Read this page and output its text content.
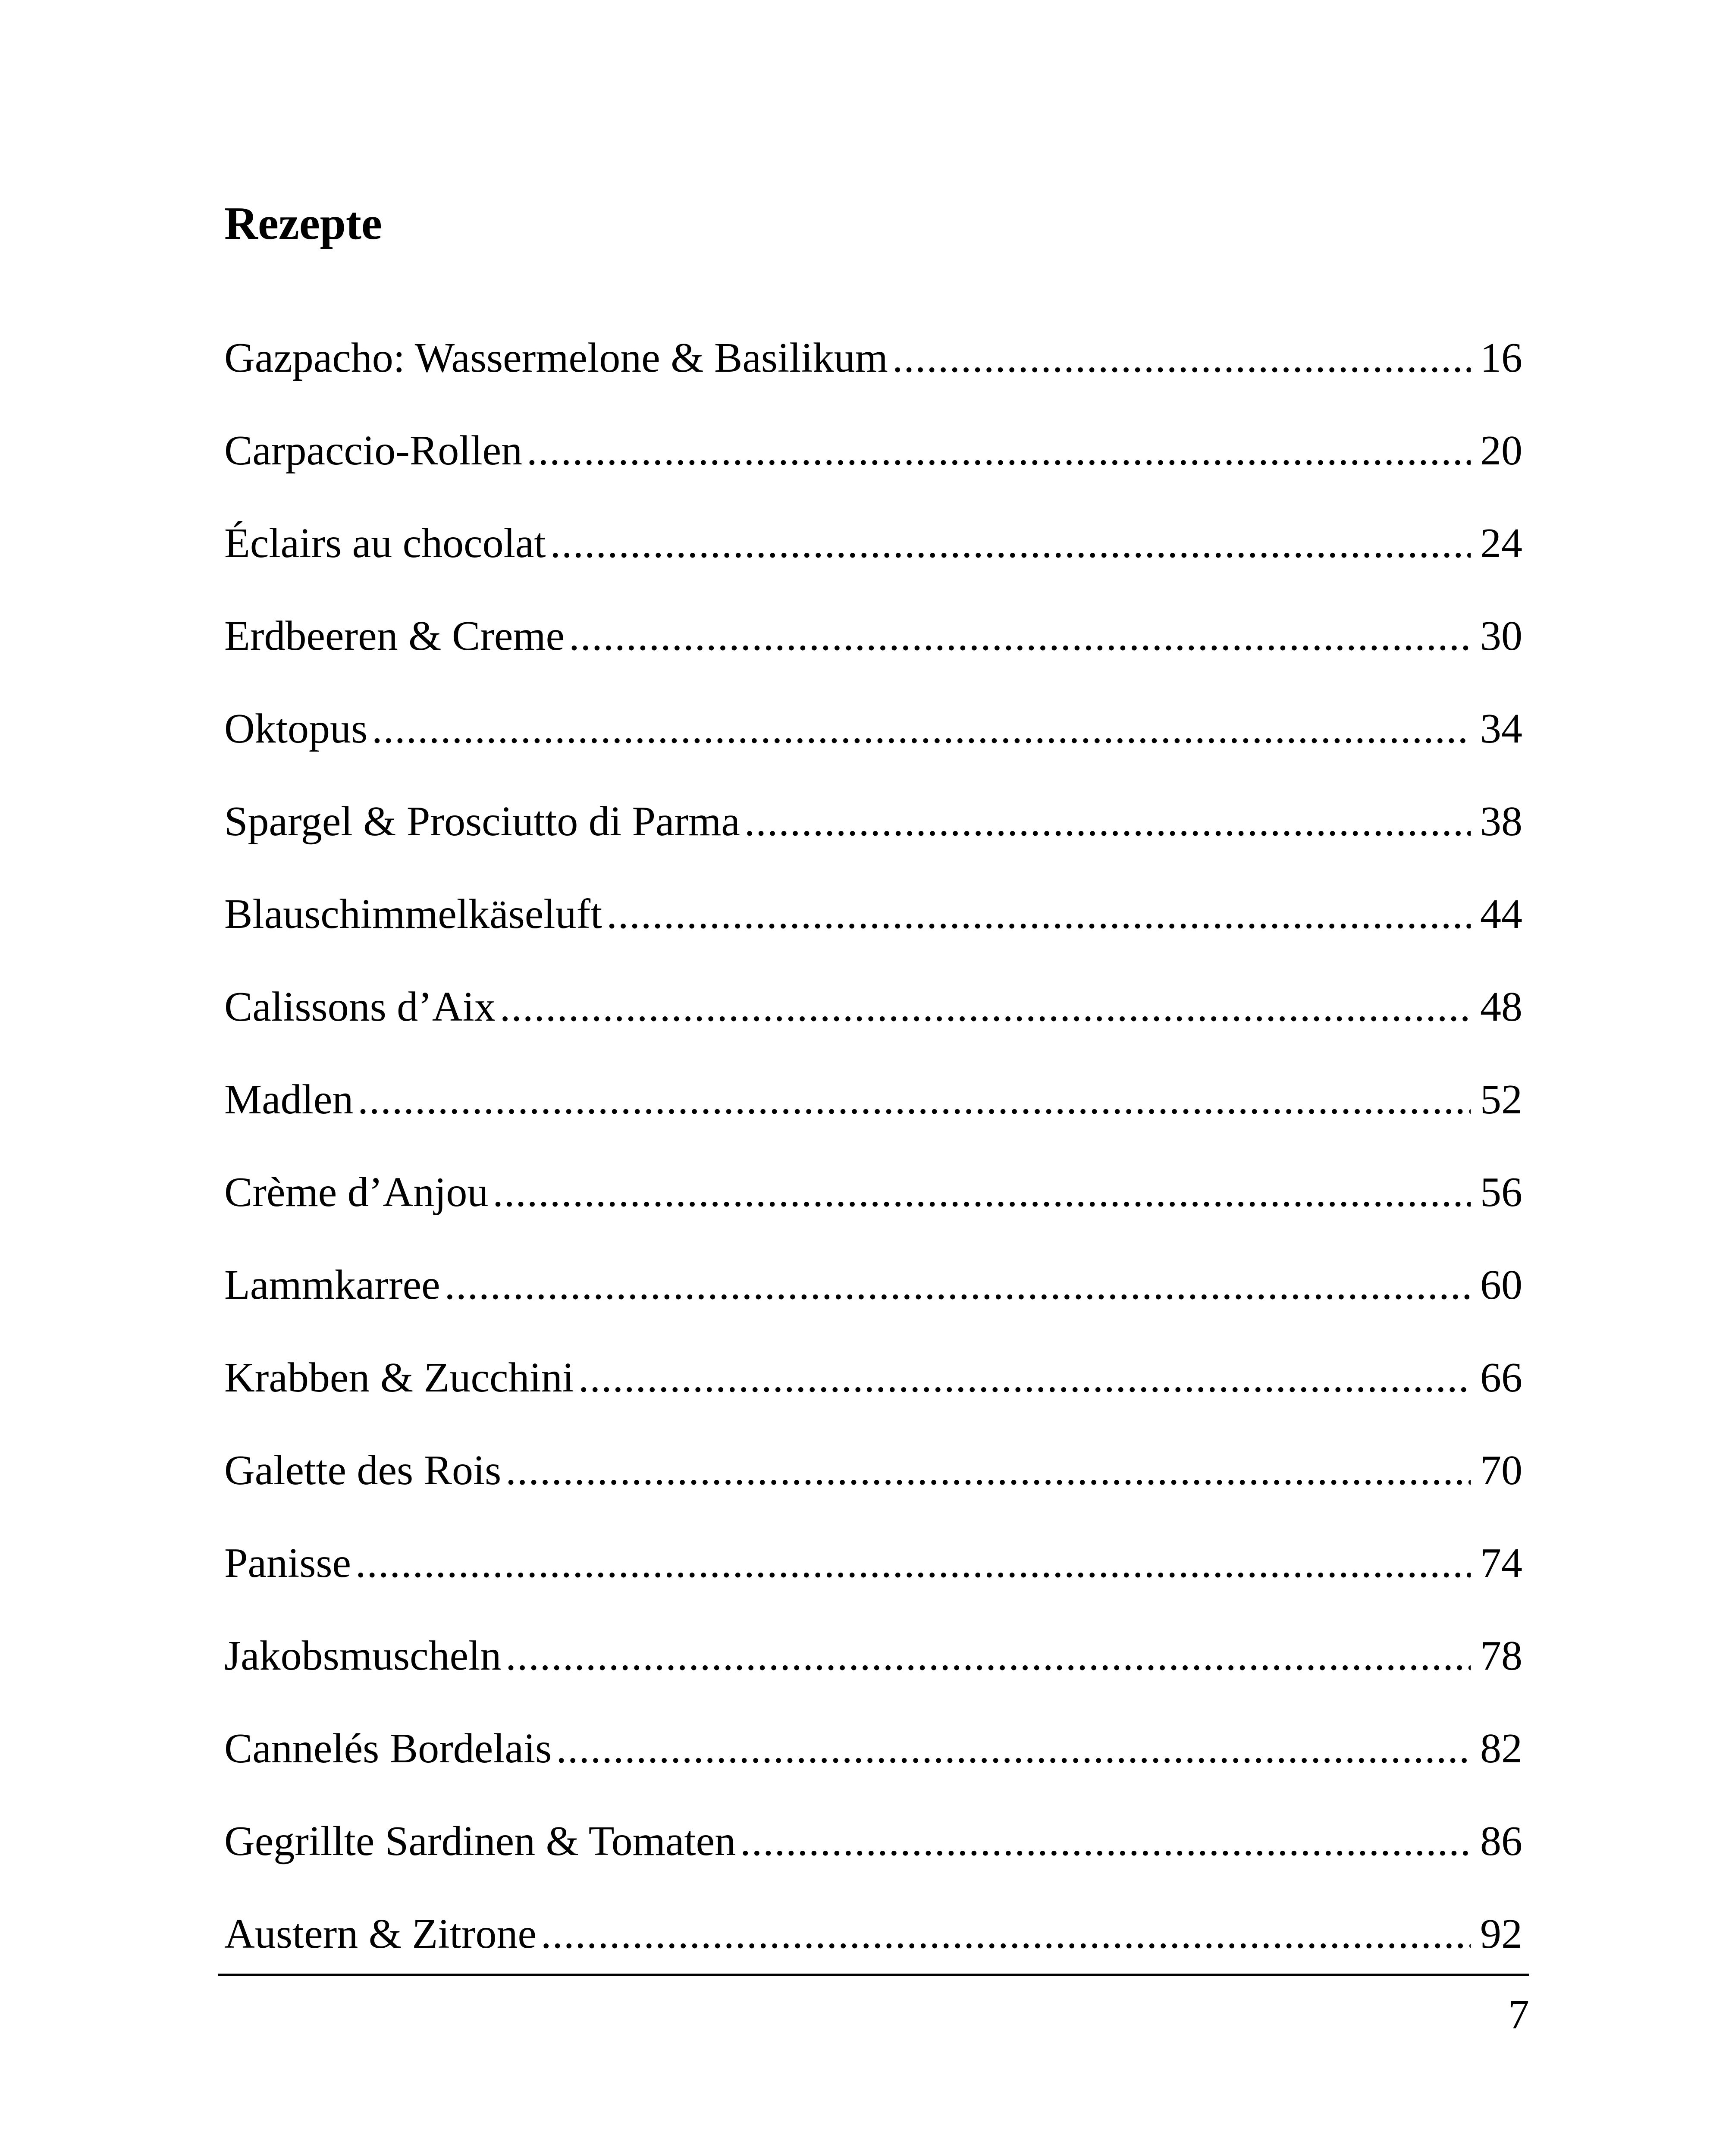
Rezepte
Gazpacho: Wassermelone & Basilikum .....	16
Carpaccio-Rollen .....	20
Éclairs au chocolat .....	24
Erdbeeren & Creme .....	30
Oktopus .....	34
Spargel & Prosciutto di Parma .....	38
Blauschimmelkäseluft .....	44
Calissons d’Aix .....	48
Madlen .....	52
Crème d’Anjou .....	56
Lammkarree .....	60
Krabben & Zucchini .....	66
Galette des Rois .....	70
Panisse .....	74
Jakobsmuscheln .....	78
Cannelés Bordelais .....	82
Gegrillte Sardinen & Tomaten .....	86
Austern & Zitrone .....	92
7
